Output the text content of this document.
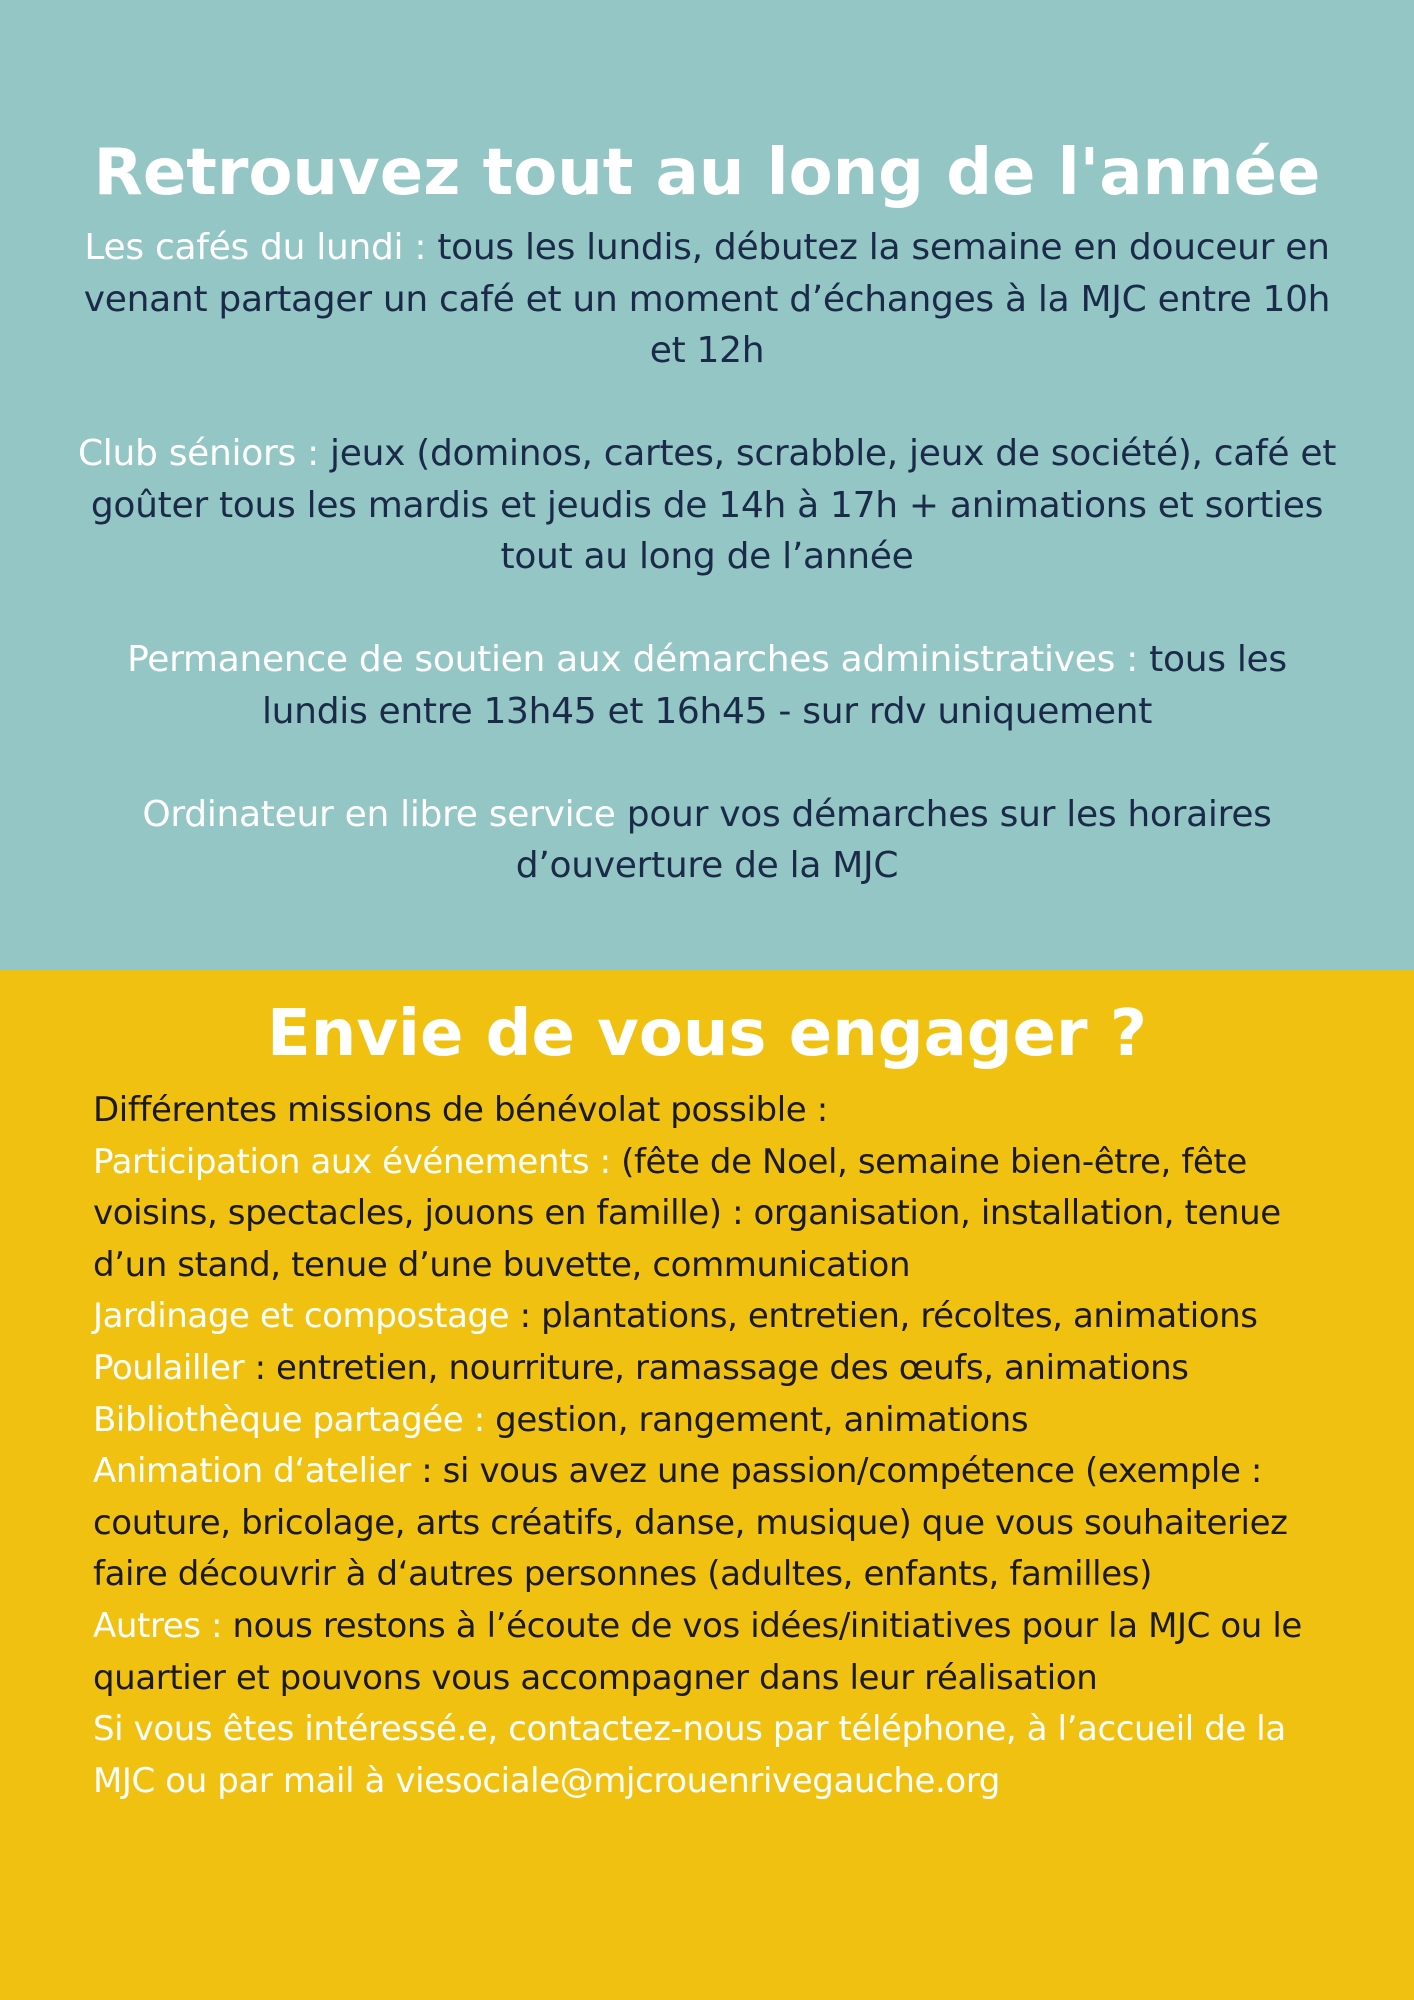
Retrouvez tout au long de l'année

Les cafés du lundi : tous les lundis, débutez la semaine en douceur en venant partager un café et un moment d’échanges à la MJC entre 10h et 12h

Club séniors : jeux (dominos, cartes, scrabble, jeux de société), café et goûter tous les mardis et jeudis de 14h à 17h + animations et sorties tout au long de l’année

Permanence de soutien aux démarches administratives : tous les lundis entre 13h45 et 16h45 - sur rdv uniquement

Ordinateur en libre service pour vos démarches sur les horaires d’ouverture de la MJC

Envie de vous engager ?

Différentes missions de bénévolat possible :

Participation aux événements : (fête de Noel, semaine bien-être, fête voisins, spectacles, jouons en famille) : organisation, installation, tenue d’un stand, tenue d’une buvette, communication

Jardinage et compostage : plantations, entretien, récoltes, animations

Poulailler : entretien, nourriture, ramassage des œufs, animations

Bibliothèque partagée : gestion, rangement, animations

Animation d‘atelier : si vous avez une passion/compétence (exemple : couture, bricolage, arts créatifs, danse, musique) que vous souhaiteriez faire découvrir à d‘autres personnes (adultes, enfants, familles)

Autres : nous restons à l’écoute de vos idées/initiatives pour la MJC ou le quartier et pouvons vous accompagner dans leur réalisation

Si vous êtes intéressé.e, contactez-nous par téléphone, à l’accueil de la MJC ou par mail à viesociale@mjcrouenrivegauche.org
